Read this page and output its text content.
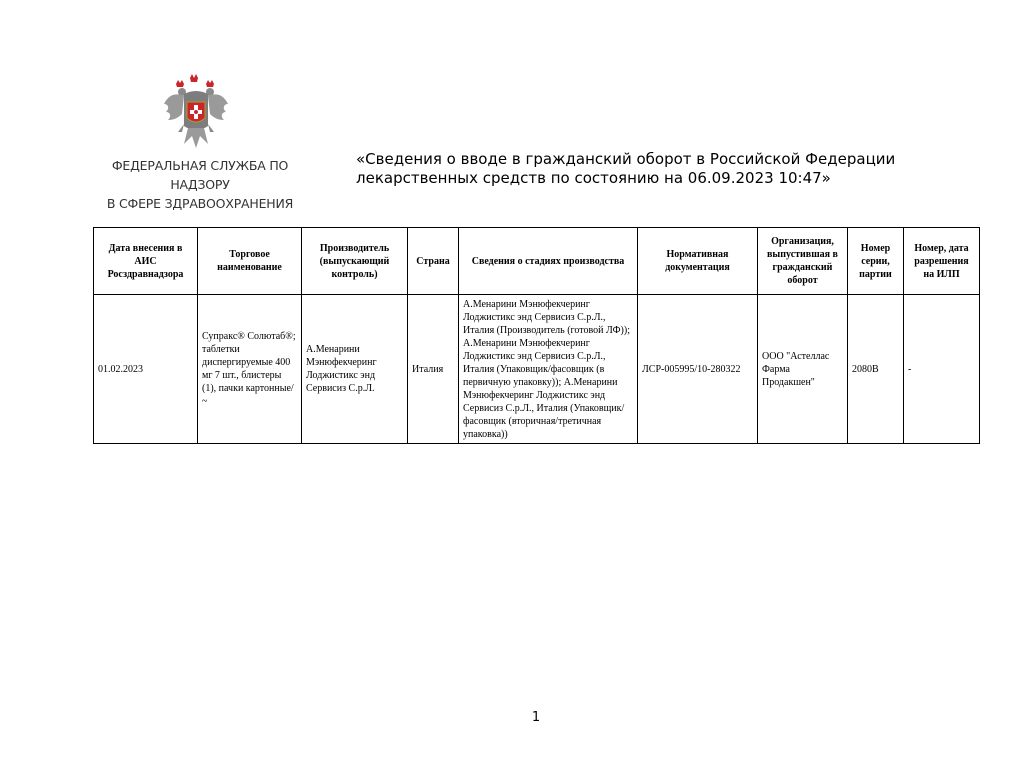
ФЕДЕРАЛЬНАЯ СЛУЖБА ПО НАДЗОРУ
В СФЕРЕ ЗДРАВООХРАНЕНИЯ
«Сведения о вводе в гражданский оборот в Российской Федерации
лекарственных средств по состоянию на 06.09.2023 10:47»
Дата внесения в АИС Росздравнадзора	Торговое наименование	Производитель (выпускающий контроль)	Страна	Сведения о стадиях производства	Нормативная документация	Организация, выпустившая в гражданский оборот	Номер серии, партии	Номер, дата разрешения на ИЛП
01.02.2023	Супракс® Солютаб®; таблетки диспергируемые 400 мг 7 шт., блистеры (1), пачки картонные/ ~	А.Менарини Мэнюфекчеринг Лоджистикс энд Сервисиз С.р.Л.	Италия	А.Менарини Мэнюфекчеринг Лоджистикс энд Сервисиз С.р.Л., Италия (Производитель (готовой ЛФ)); А.Менарини Мэнюфекчеринг Лоджистикс энд Сервисиз С.р.Л., Италия (Упаковщик/фасовщик (в первичную упаковку)); А.Менарини Мэнюфекчеринг Лоджистикс энд Сервисиз С.р.Л., Италия (Упаковщик/фасовщик (вторичная/третичная упаковка))	ЛСР-005995/10-280322	ООО "Астеллас Фарма Продакшен"	2080B	-
1
